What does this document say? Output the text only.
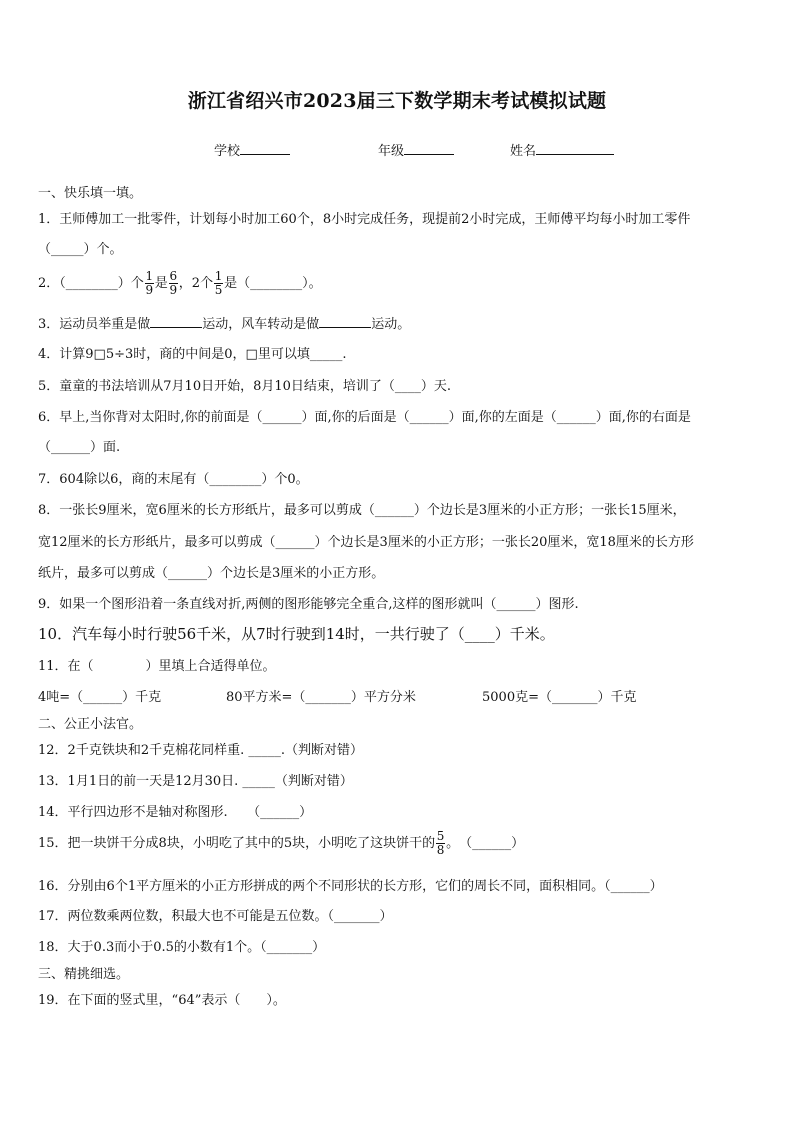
浙江省绍兴市2023届三下数学期末考试模拟试题
学校	年级	姓名
一、快乐填一填。
1．王师傅加工一批零件，计划每小时加工60个，8小时完成任务，现提前2小时完成，王师傅平均每小时加工零件
（_____）个。
2．（________）个 $\frac{1}{9}$ 是 $\frac{6}{9}$ ，2个 $\frac{1}{5}$ 是（________）。
3．运动员举重是做	运动，风车转动是做	运动。
4．计算9□5÷3时，商的中间是0，□里可以填_____.
5．童童的书法培训从7月10日开始，8月10日结束，培训了（____）天.
6．早上,当你背对太阳时,你的前面是（______）面,你的后面是（______）面,你的左面是（______）面,你的右面是
（______）面.
7．604除以6，商的末尾有（________）个0。
8．一张长9厘米，宽6厘米的长方形纸片，最多可以剪成（______）个边长是3厘米的小正方形；一张长15厘米，
宽12厘米的长方形纸片，最多可以剪成（______）个边长是3厘米的小正方形；一张长20厘米，宽18厘米的长方形
纸片，最多可以剪成（______）个边长是3厘米的小正方形。
9．如果一个图形沿着一条直线对折,两侧的图形能够完全重合,这样的图形就叫（______）图形.
10．汽车每小时行驶56千米，从7时行驶到14时，一共行驶了（____）千米。
11．在（　　　　）里填上合适得单位。
4吨=（______）千克	80平方米=（_______）平方分米	5000克=（_______）千克
二、公正小法官。
12．2千克铁块和2千克棉花同样重. _____.（判断对错）
13．1月1日的前一天是12月30日. _____（判断对错）
14．平行四边形不是轴对称图形.　　（______）
15．把一块饼干分成8块，小明吃了其中的5块，小明吃了这块饼干的 $\frac{5}{8}$ 。　（______）
16．分别由6个1平方厘米的小正方形拼成的两个不同形状的长方形，它们的周长不同，面积相同。（______）
17．两位数乘两位数，积最大也不可能是五位数。（_______）
18．大于0.3而小于0.5的小数有1个。（_______）
三、精挑细选。
19．在下面的竖式里，“64”表示（　　）。
